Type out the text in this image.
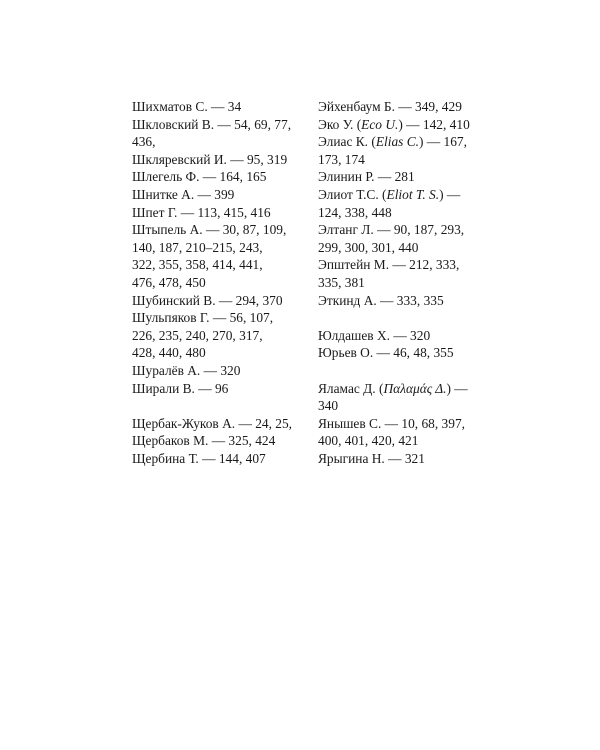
Шихматов С. — 34
Шкловский В. — 54, 69, 77,
436,
Шкляревский И. — 95, 319
Шлегель Ф. — 164, 165
Шнитке А. — 399
Шпет Г. — 113, 415, 416
Штыпель А. — 30, 87, 109,
140, 187, 210–215, 243,
322, 355, 358, 414, 441,
476, 478, 450
Шубинский В. — 294, 370
Шульпяков Г. — 56, 107,
226, 235, 240, 270, 317,
428, 440, 480
Шуралёв А. — 320
Ширали В. — 96
Щербак-Жуков А. — 24, 25,
Щербаков М. — 325, 424
Щербина Т. — 144, 407
Эйхенбаум Б. — 349, 429
Эко У. (Eco U.) — 142, 410
Элиас К. (Elias C.) — 167,
173, 174
Элинин Р. — 281
Элиот Т.С. (Eliot T. S.) —
124, 338, 448
Элтанг Л. — 90, 187, 293,
299, 300, 301, 440
Эпштейн М. — 212, 333,
335, 381
Эткинд А. — 333, 335
Юлдашев Х. — 320
Юрьев О. — 46, 48, 355
Яламас Д. (Παλαμάς Δ.) —
340
Янышев С. — 10, 68, 397,
400, 401, 420, 421
Ярыгина Н. — 321
